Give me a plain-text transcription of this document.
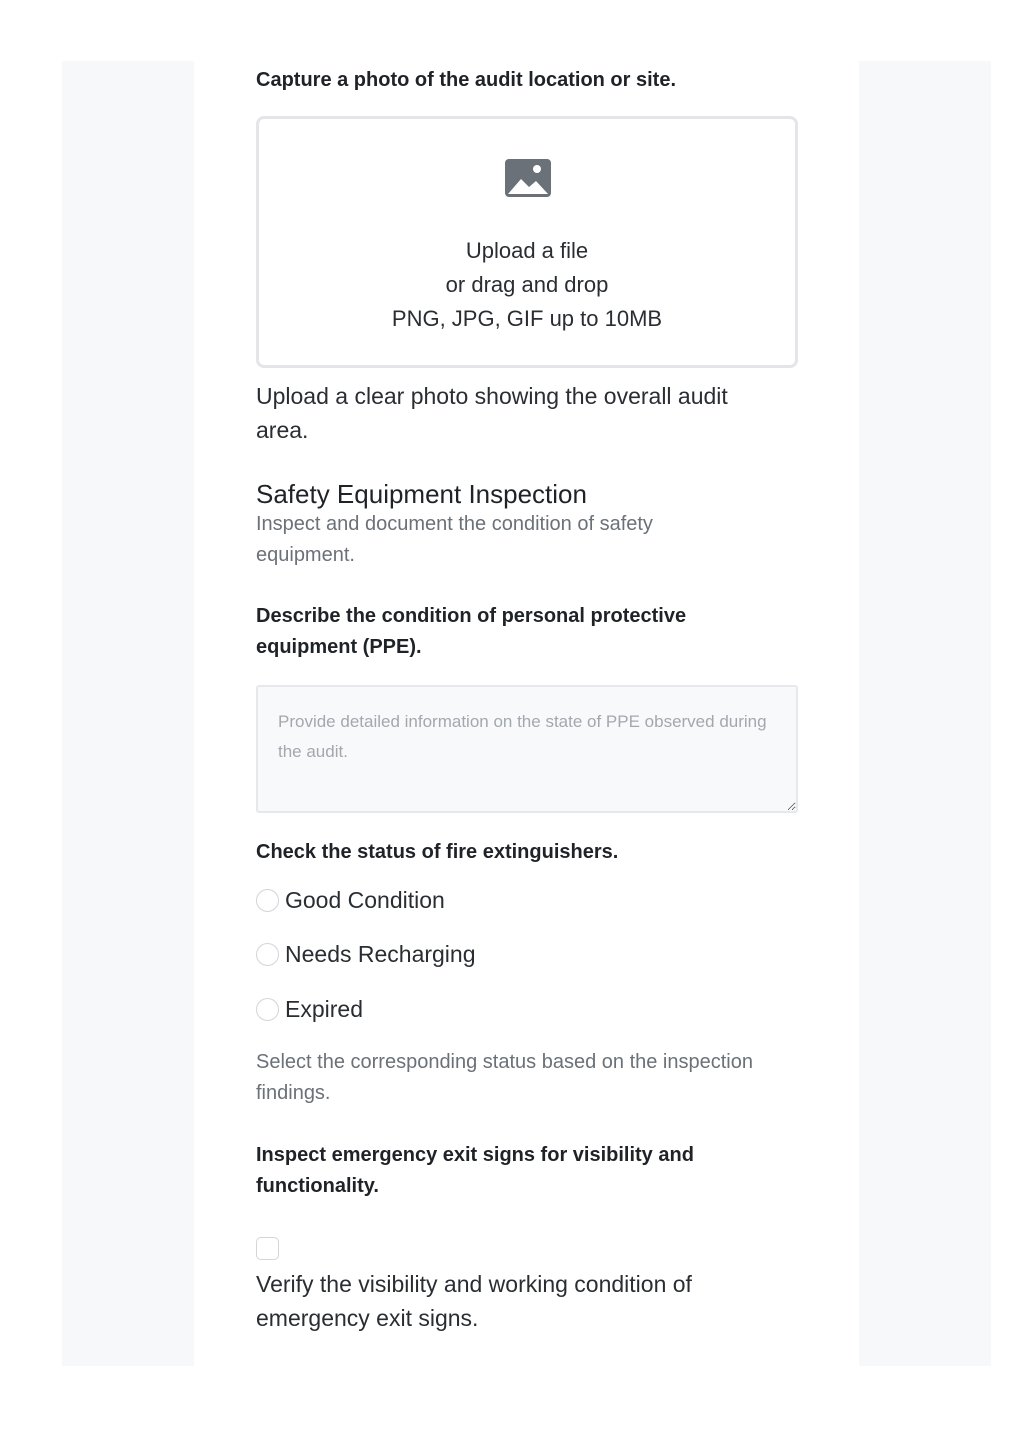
Capture a photo of the audit location or site.
Upload a file
or drag and drop
PNG, JPG, GIF up to 10MB
Upload a clear photo showing the overall audit area.
Safety Equipment Inspection
Inspect and document the condition of safety equipment.
Describe the condition of personal protective equipment (PPE).
Provide detailed information on the state of PPE observed during the audit.
Check the status of fire extinguishers.
Good Condition
Needs Recharging
Expired
Select the corresponding status based on the inspection findings.
Inspect emergency exit signs for visibility and functionality.
Verify the visibility and working condition of emergency exit signs.
